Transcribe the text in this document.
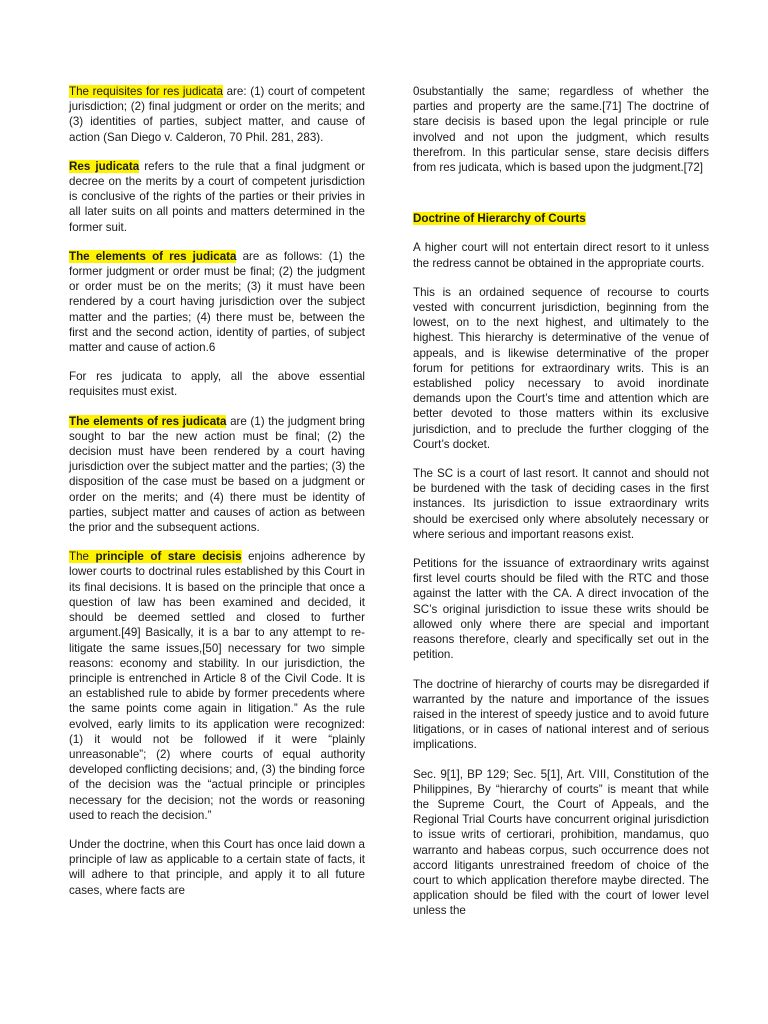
The requisites for res judicata are: (1) court of competent jurisdiction; (2) final judgment or order on the merits; and (3) identities of parties, subject matter, and cause of action (San Diego v. Calderon, 70 Phil. 281, 283).

Res judicata refers to the rule that a final judgment or decree on the merits by a court of competent jurisdiction is conclusive of the rights of the parties or their privies in all later suits on all points and matters determined in the former suit.

The elements of res judicata are as follows: (1) the former judgment or order must be final; (2) the judgment or order must be on the merits; (3) it must have been rendered by a court having jurisdiction over the subject matter and the parties; (4) there must be, between the first and the second action, identity of parties, of subject matter and cause of action.6

For res judicata to apply, all the above essential requisites must exist.

The elements of res judicata are (1) the judgment bring sought to bar the new action must be final; (2) the decision must have been rendered by a court having jurisdiction over the subject matter and the parties; (3) the disposition of the case must be based on a judgment or order on the merits; and (4) there must be identity of parties, subject matter and causes of action as between the prior and the subsequent actions.

The principle of stare decisis enjoins adherence by lower courts to doctrinal rules established by this Court in its final decisions. It is based on the principle that once a question of law has been examined and decided, it should be deemed settled and closed to further argument.[49] Basically, it is a bar to any attempt to re-litigate the same issues,[50] necessary for two simple reasons: economy and stability. In our jurisdiction, the principle is entrenched in Article 8 of the Civil Code. It is an established rule to abide by former precedents where the same points come again in litigation.” As the rule evolved, early limits to its application were recognized: (1) it would not be followed if it were “plainly unreasonable”; (2) where courts of equal authority developed conflicting decisions; and, (3) the binding force of the decision was the “actual principle or principles necessary for the decision; not the words or reasoning used to reach the decision.”

Under the doctrine, when this Court has once laid down a principle of law as applicable to a certain state of facts, it will adhere to that principle, and apply it to all future cases, where facts are

0substantially the same; regardless of whether the parties and property are the same.[71] The doctrine of stare decisis is based upon the legal principle or rule involved and not upon the judgment, which results therefrom. In this particular sense, stare decisis differs from res judicata, which is based upon the judgment.[72]

Doctrine of Hierarchy of Courts

A higher court will not entertain direct resort to it unless the redress cannot be obtained in the appropriate courts.

This is an ordained sequence of recourse to courts vested with concurrent jurisdiction, beginning from the lowest, on to the next highest, and ultimately to the highest. This hierarchy is determinative of the venue of appeals, and is likewise determinative of the proper forum for petitions for extraordinary writs. This is an established policy necessary to avoid inordinate demands upon the Court’s time and attention which are better devoted to those matters within its exclusive jurisdiction, and to preclude the further clogging of the Court’s docket.

The SC is a court of last resort. It cannot and should not be burdened with the task of deciding cases in the first instances. Its jurisdiction to issue extraordinary writs should be exercised only where absolutely necessary or where serious and important reasons exist.

Petitions for the issuance of extraordinary writs against first level courts should be filed with the RTC and those against the latter with the CA. A direct invocation of the SC’s original jurisdiction to issue these writs should be allowed only where there are special and important reasons therefore, clearly and specifically set out in the petition.

The doctrine of hierarchy of courts may be disregarded if warranted by the nature and importance of the issues raised in the interest of speedy justice and to avoid future litigations, or in cases of national interest and of serious implications.

Sec. 9[1], BP 129; Sec. 5[1], Art. VIII, Constitution of the Philippines, By “hierarchy of courts” is meant that while the Supreme Court, the Court of Appeals, and the Regional Trial Courts have concurrent original jurisdiction to issue writs of certiorari, prohibition, mandamus, quo warranto and habeas corpus, such occurrence does not accord litigants unrestrained freedom of choice of the court to which application therefore maybe directed. The application should be filed with the court of lower level unless the
